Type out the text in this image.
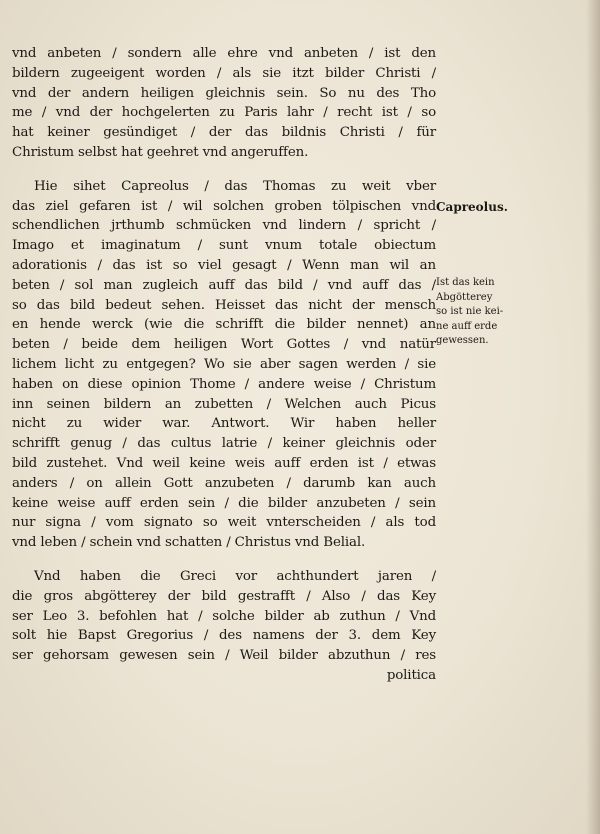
vnd anbeten / sondern alle ehre vnd anbeten / ist den
bildern zugeeigent worden / als sie itzt bilder Christi /
vnd der andern heiligen gleichnis sein. So nu des Tho
me / vnd der hochgelerten zu Paris lahr / recht ist / so
hat keiner gesündiget / der das bildnis Christi / für
Christum selbst hat geehret vnd angeruffen.
Hie sihet Capreolus / das Thomas zu weit vber
das ziel gefaren ist / wil solchen groben tölpischen vnd
schendlichen jrthumb schmücken vnd lindern / spricht /
Imago et imaginatum / sunt vnum totale obiectum
adorationis / das ist so viel gesagt / Wenn man wil an
beten / sol man zugleich auff das bild / vnd auff das /
so das bild bedeut sehen. Heisset das nicht der mensch
en hende werck (wie die schrifft die bilder nennet) an
beten / beide dem heiligen Wort Gottes / vnd natür
lichem licht zu entgegen? Wo sie aber sagen werden / sie
haben on diese opinion Thome / andere weise / Christum
inn seinen bildern an zubetten / Welchen auch Picus
nicht zu wider war. Antwort. Wir haben heller
schrifft genug / das cultus latrie / keiner gleichnis oder
bild zustehet. Vnd weil keine weis auff erden ist / etwas
anders / on allein Gott anzubeten / darumb kan auch
keine weise auff erden sein / die bilder anzubeten / sein
nur signa / vom signato so weit vnterscheiden / als tod
vnd leben / schein vnd schatten / Christus vnd Belial.
Vnd haben die Greci vor achthundert jaren /
die gros abgötterey der bild gestrafft / Also / das Key
ser Leo 3. befohlen hat / solche bilder ab zuthun / Vnd
solt hie Bapst Gregorius / des namens der 3. dem Key
ser gehorsam gewesen sein / Weil bilder abzuthun / res
politica
Capreolus.
Ist das kein
Abgötterey
so ist nie kei-
ne auff erde
gewessen.
